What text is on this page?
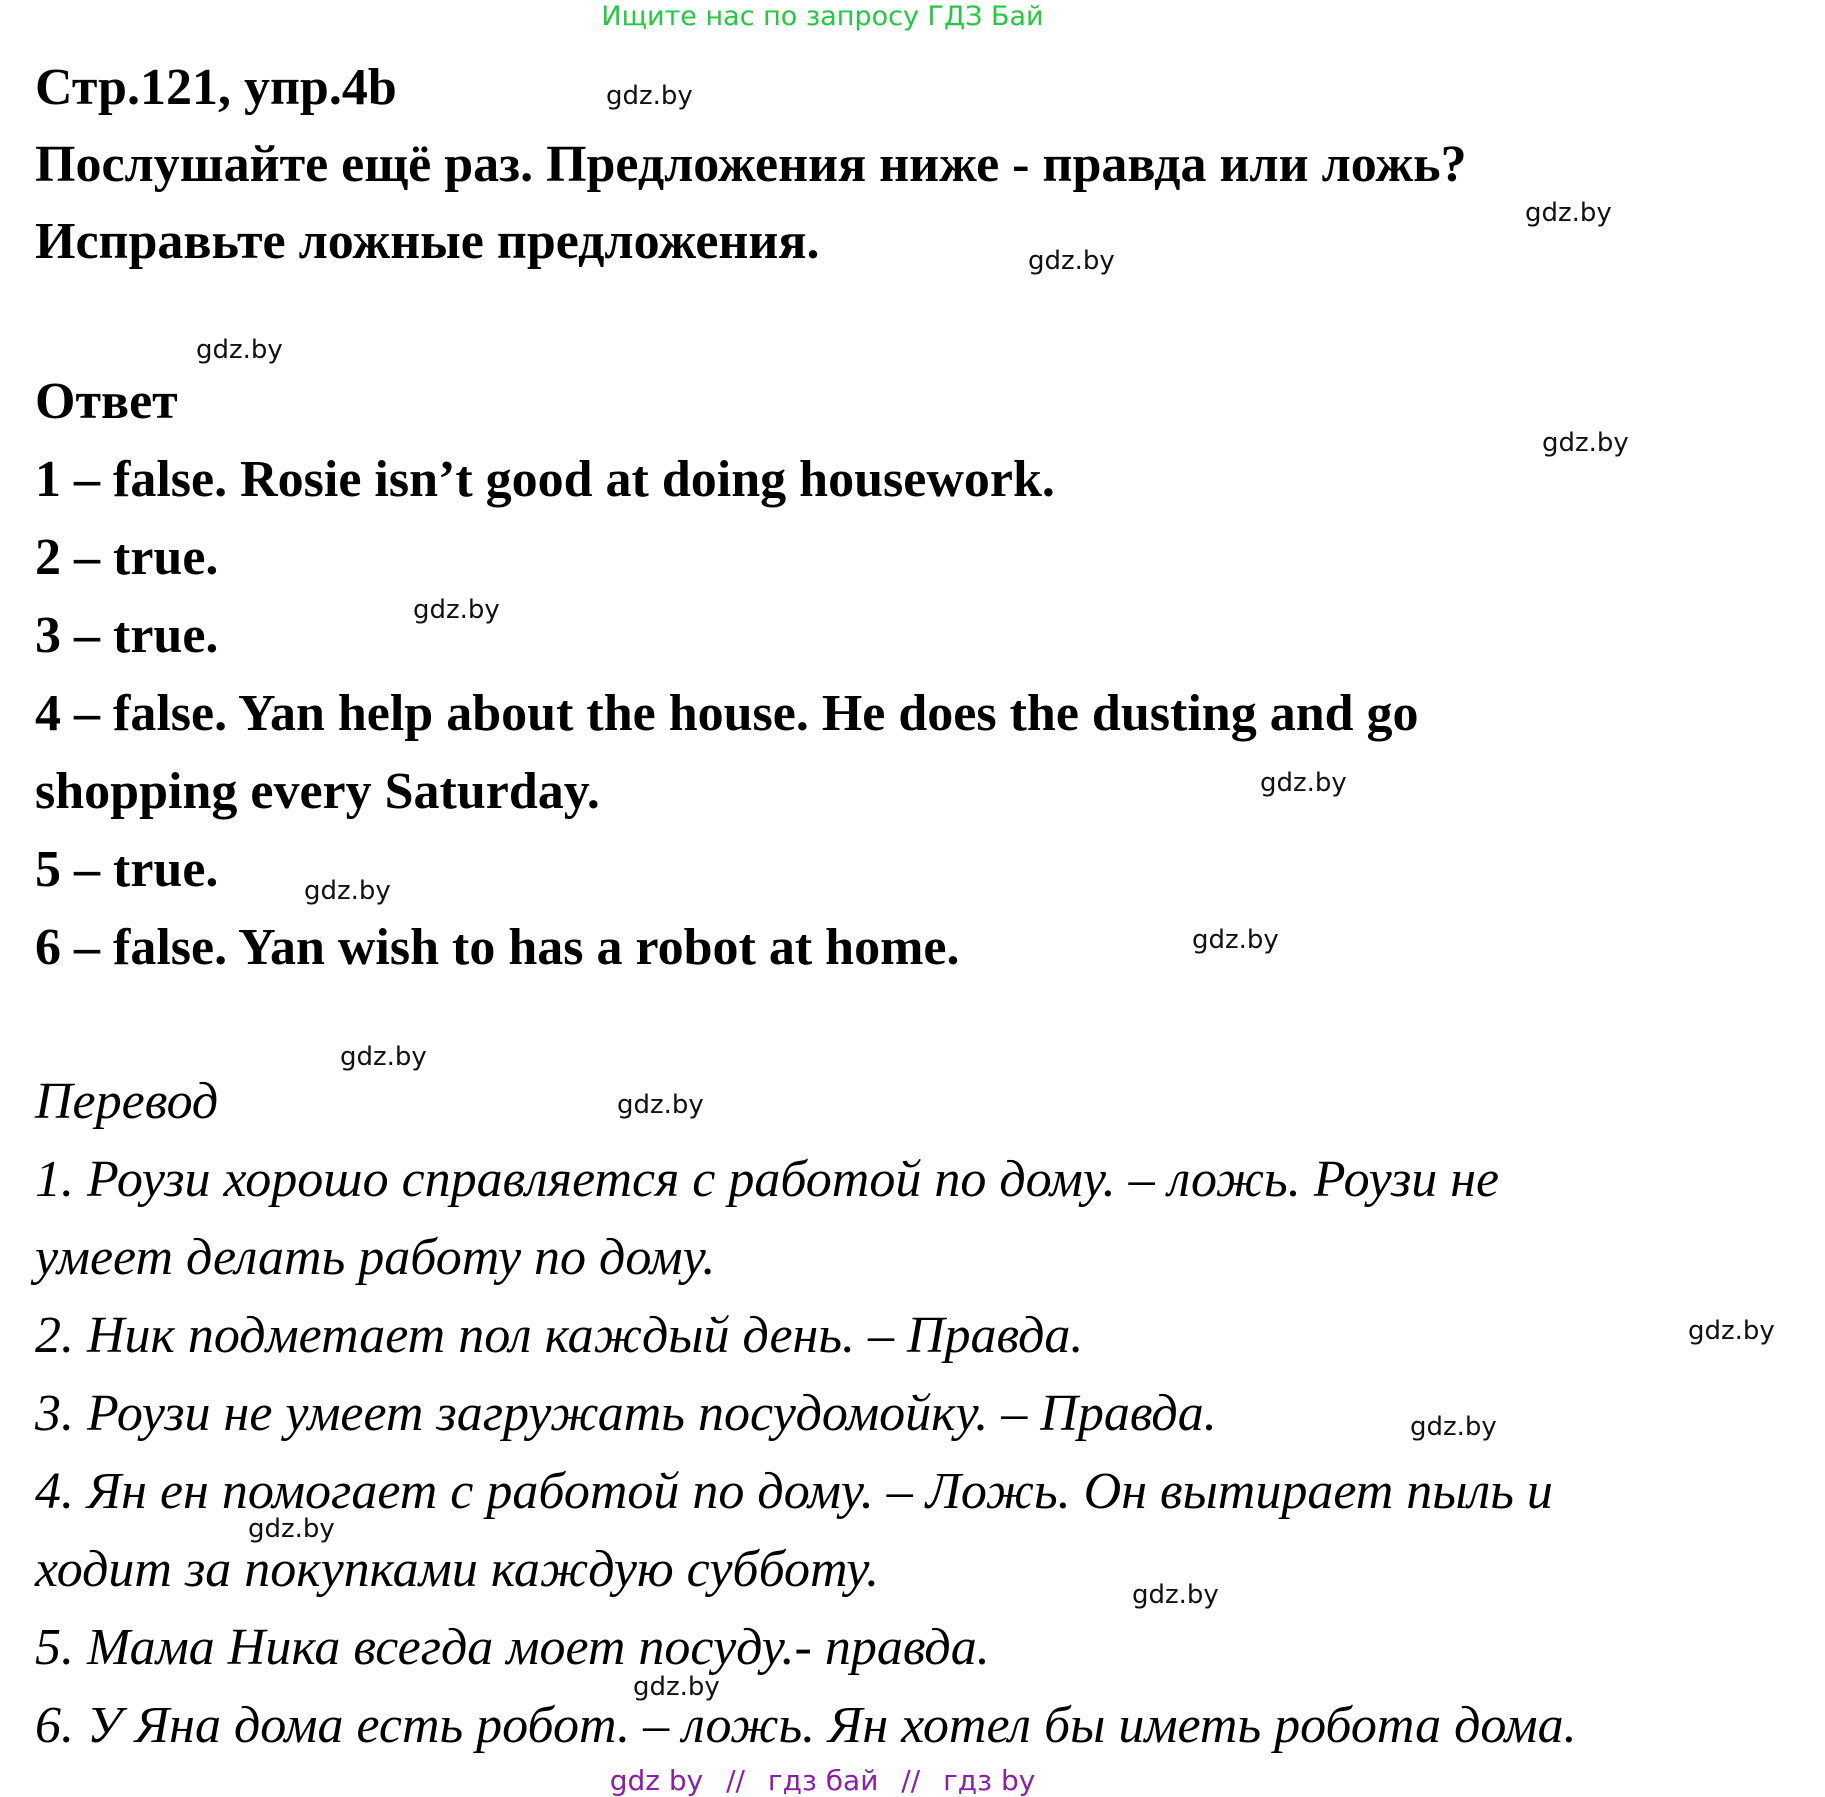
Ищите нас по запросу ГДЗ Бай
Стр.121, упр.4b
Послушайте ещё раз. Предложения ниже - правда или ложь?
Исправьте ложные предложения.
Ответ
1 – false. Rosie isn’t good at doing housework.
2 – true.
3 – true.
4 – false. Yan help about the house. He does the dusting and go
shopping every Saturday.
5 – true.
6 – false. Yan wish to has a robot at home.
Перевод
1. Роузи хорошо справляется с работой по дому. – ложь. Роузи не
умеет делать работу по дому.
2. Ник подметает пол каждый день. – Правда.
3. Роузи не умеет загружать посудомойку. – Правда.
4. Ян ен помогает с работой по дому. – Ложь. Он вытирает пыль и
ходит за покупками каждую субботу.
5. Мама Ника всегда моет посуду.- правда.
6. У Яна дома есть робот. – ложь. Ян хотел бы иметь робота дома.
gdz.by
gdz.by
gdz.by
gdz.by
gdz.by
gdz.by
gdz.by
gdz.by
gdz.by
gdz.by
gdz.by
gdz.by
gdz.by
gdz.by
gdz.by
gdz.by
gdz by // гдз бай // гдз by
